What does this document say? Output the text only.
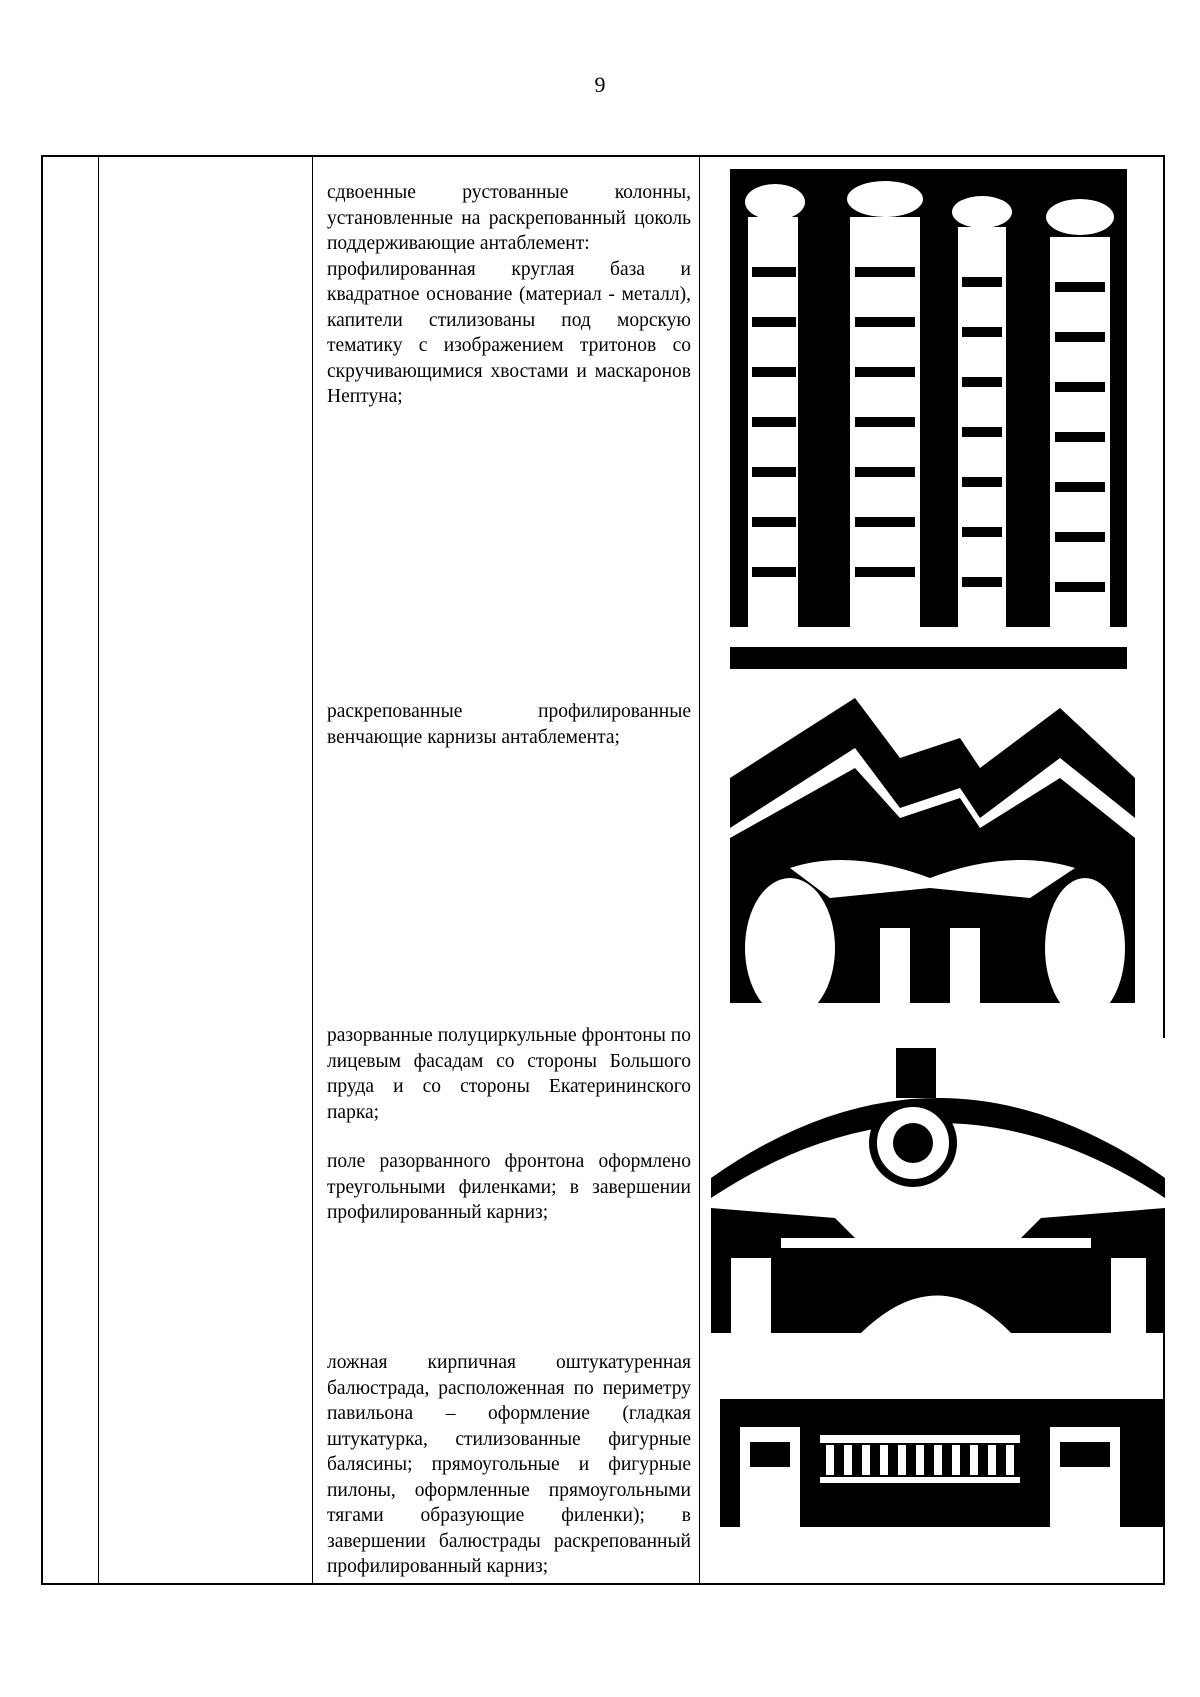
9

сдвоенные рустованные колонны, установленные на раскрепованный цоколь поддерживающие антаблемент:

профилированная круглая база и квадратное основание (материал - металл), капители стилизованы под морскую тематику с изображением тритонов со скручивающимися хвостами и маскаронов Нептуна;

раскрепованные профилированные венчающие карнизы антаблемента;

разорванные полуциркульные фронтоны по лицевым фасадам со стороны Большого пруда и со стороны Екатерининского парка;

поле разорванного фронтона оформлено треугольными филенками; в завершении профилированный карниз;

ложная кирпичная оштукатуренная балюстрада, расположенная по периметру павильона – оформление (гладкая штукатурка, стилизованные фигурные балясины; прямоугольные и фигурные пилоны, оформленные прямоугольными тягами образующие филенки); в завершении балюстрады раскрепованный профилированный карниз;
